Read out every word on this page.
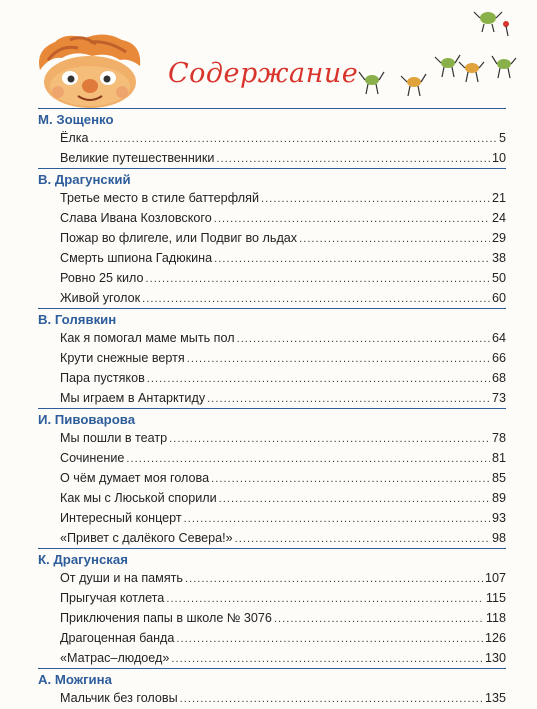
Содержание
М. Зощенко
Ёлка . . .	5
Великие путешественники . . .	10
В. Драгунский
Третье место в стиле баттерфляй . . .	21
Слава Ивана Козловского . . .	24
Пожар во флигеле, или Подвиг во льдах . . .	29
Смерть шпиона Гадюкина . . .	38
Ровно 25 кило . . .	50
Живой уголок . . .	60
В. Голявкин
Как я помогал маме мыть пол . . .	64
Крути снежные вертя . . .	66
Пара пустяков . . .	68
Мы играем в Антарктиду . . .	73
И. Пивоварова
Мы пошли в театр . . .	78
Сочинение . . .	81
О чём думает моя голова . . .	85
Как мы с Люськой спорили . . .	89
Интересный концерт . . .	93
«Привет с далёкого Севера!» . . .	98
К. Драгунская
От души и на память . . .	107
Прыгучая котлета . . .	115
Приключения папы в школе № 3076 . . .	118
Драгоценная банда . . .	126
«Матрас–людоед» . . .	130
А. Можгина
Мальчик без головы . . .	135
